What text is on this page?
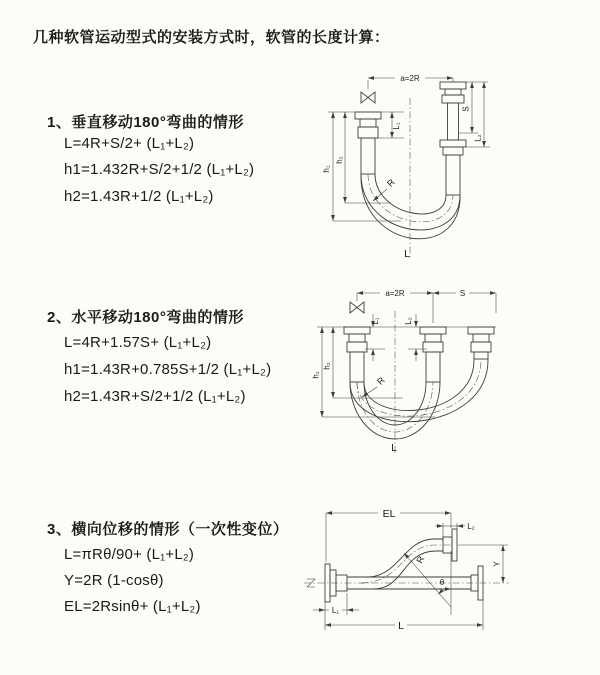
几种软管运动型式的安装方式时，软管的长度计算：
1、垂直移动180°弯曲的情形
L=4R+S/2+ (L₁+L₂)
h1=1.432R+S/2+1/2 (L₁+L₂)
h2=1.43R+1/2 (L₁+L₂)
2、水平移动180°弯曲的情形
L=4R+1.57S+ (L₁+L₂)
h1=1.43R+0.785S+1/2 (L₁+L₂)
h2=1.43R+S/2+1/2 (L₁+L₂)
3、横向位移的情形（一次性变位）
L=πRθ/90+ (L₁+L₂)
Y=2R (1-cosθ)
EL=2Rsinθ+ (L₁+L₂)
a=2R
h₁
h₂
L₁
S
L₂
R
L
a=2R	S
h₁
h₂
L₁	L₂
R
L
EL
L₂
Y
L
L₁
θ
R
